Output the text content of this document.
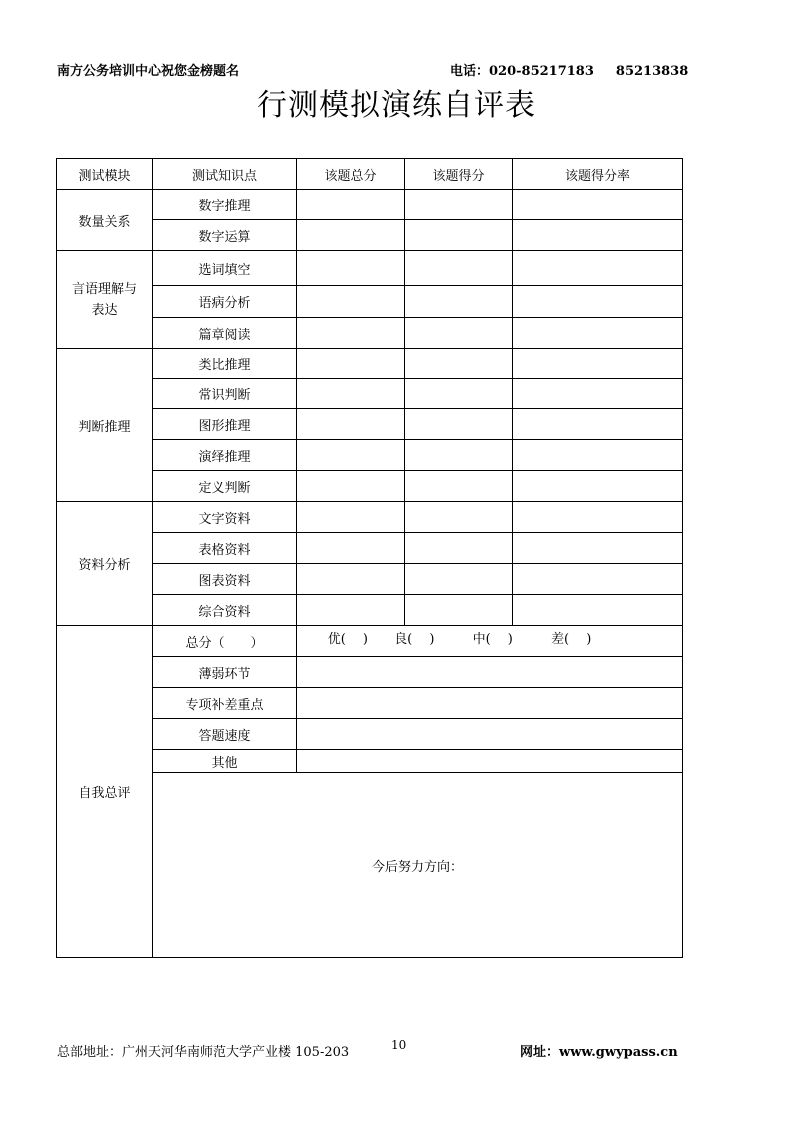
南方公务培训中心祝您金榜题名	电话：020-85217183 85213838
行测模拟演练自评表
测试模块	测试知识点	该题总分	该题得分	该题得分率
数量关系	数字推理			
	数字运算			
言语理解与
表达	选词填空			
	语病分析			
	篇章阅读			
判断推理	类比推理			
	常识判断			
	图形推理			
	演绎推理			
	定义判断			
资料分析	文字资料			
	表格资料			
	图表资料			
	综合资料			
自我总评	总分（　　）	优(　 ) 良(　 ) 中(　 ) 差(　 )		
	薄弱环节			
	专项补差重点			
	答题速度			
	其他			
	今后努力方向：			
总部地址：广州天河华南师范大学产业楼 105-203	10	网址：www.gwypass.cn
